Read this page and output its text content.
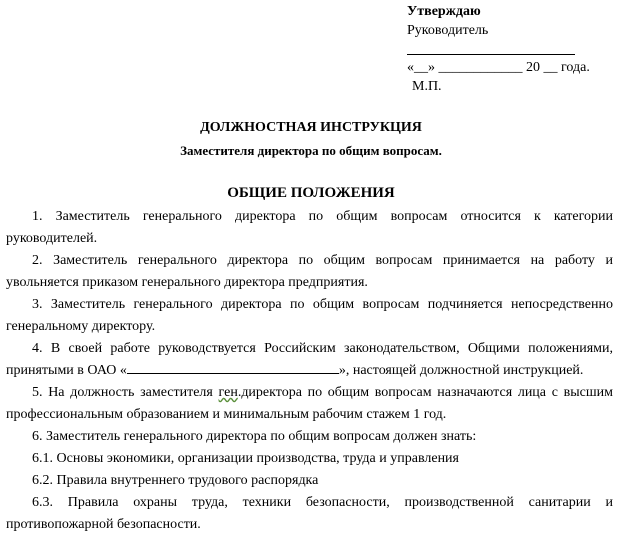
Утверждаю
Руководитель
«__» ____________ 20 __ года.
М.П.
ДОЛЖНОСТНАЯ ИНСТРУКЦИЯ
Заместителя директора по общим вопросам.
ОБЩИЕ ПОЛОЖЕНИЯ

1. Заместитель генерального директора по общим вопросам относится к категории руководителей.

2. Заместитель генерального директора по общим вопросам принимается на работу и увольняется приказом генерального директора предприятия.

3. Заместитель генерального директора по общим вопросам подчиняется непосредственно генеральному директору.

4. В своей работе руководствуется Российским законодательством, Общими положениями, принятыми в ОАО «	», настоящей должностной инструкцией.

5. На должность заместителя ген.директора по общим вопросам назначаются лица с высшим профессиональным образованием и минимальным рабочим стажем 1 год.

6. Заместитель генерального директора по общим вопросам должен знать:

6.1. Основы экономики, организации производства, труда и управления

6.2. Правила внутреннего трудового распорядка

6.3. Правила охраны труда, техники безопасности, производственной санитарии и противопожарной безопасности.
